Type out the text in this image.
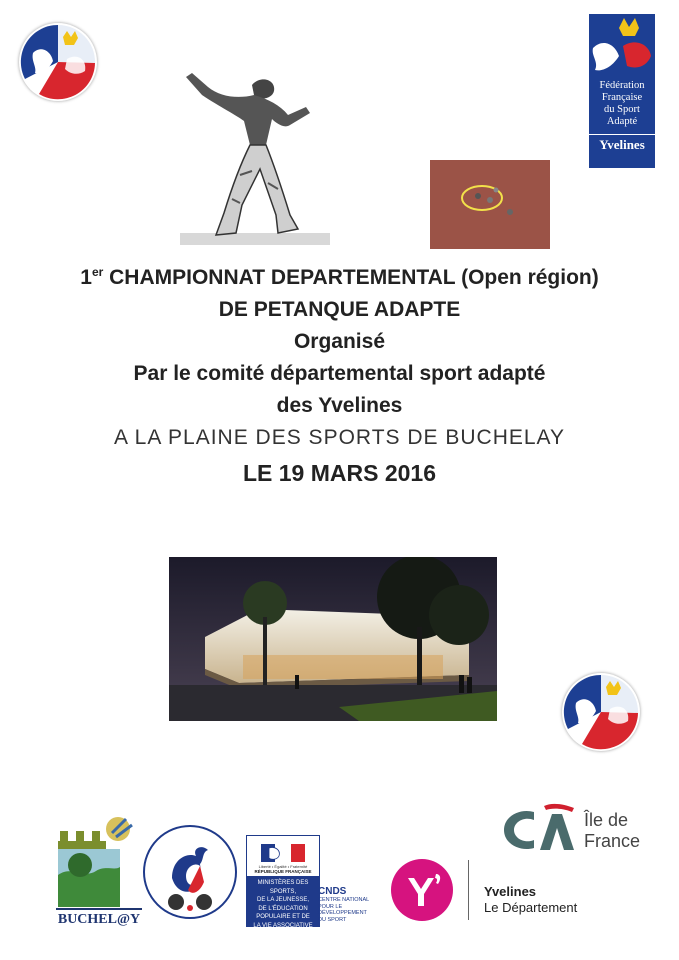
Fédération
Française
du Sport
Adapté
Yvelines
1er CHAMPIONNAT DEPARTEMENTAL (Open région)
DE PETANQUE ADAPTE
Organisé
Par le comité départemental sport adapté
des Yvelines
A LA PLAINE DES SPORTS DE BUCHELAY
LE 19 MARS 2016
Île de
France
BUCHEL@Y
Liberté • Égalité • Fraternité
RÉPUBLIQUE FRANÇAISE
MINISTÈRES DES SPORTS,
DE LA JEUNESSE,
DE L'ÉDUCATION
POPULAIRE ET DE
LA VIE ASSOCIATIVE
CNDS
CENTRE NATIONAL
POUR LE
DÉVELOPPEMENT
DU SPORT
Yvelines
Le Département
